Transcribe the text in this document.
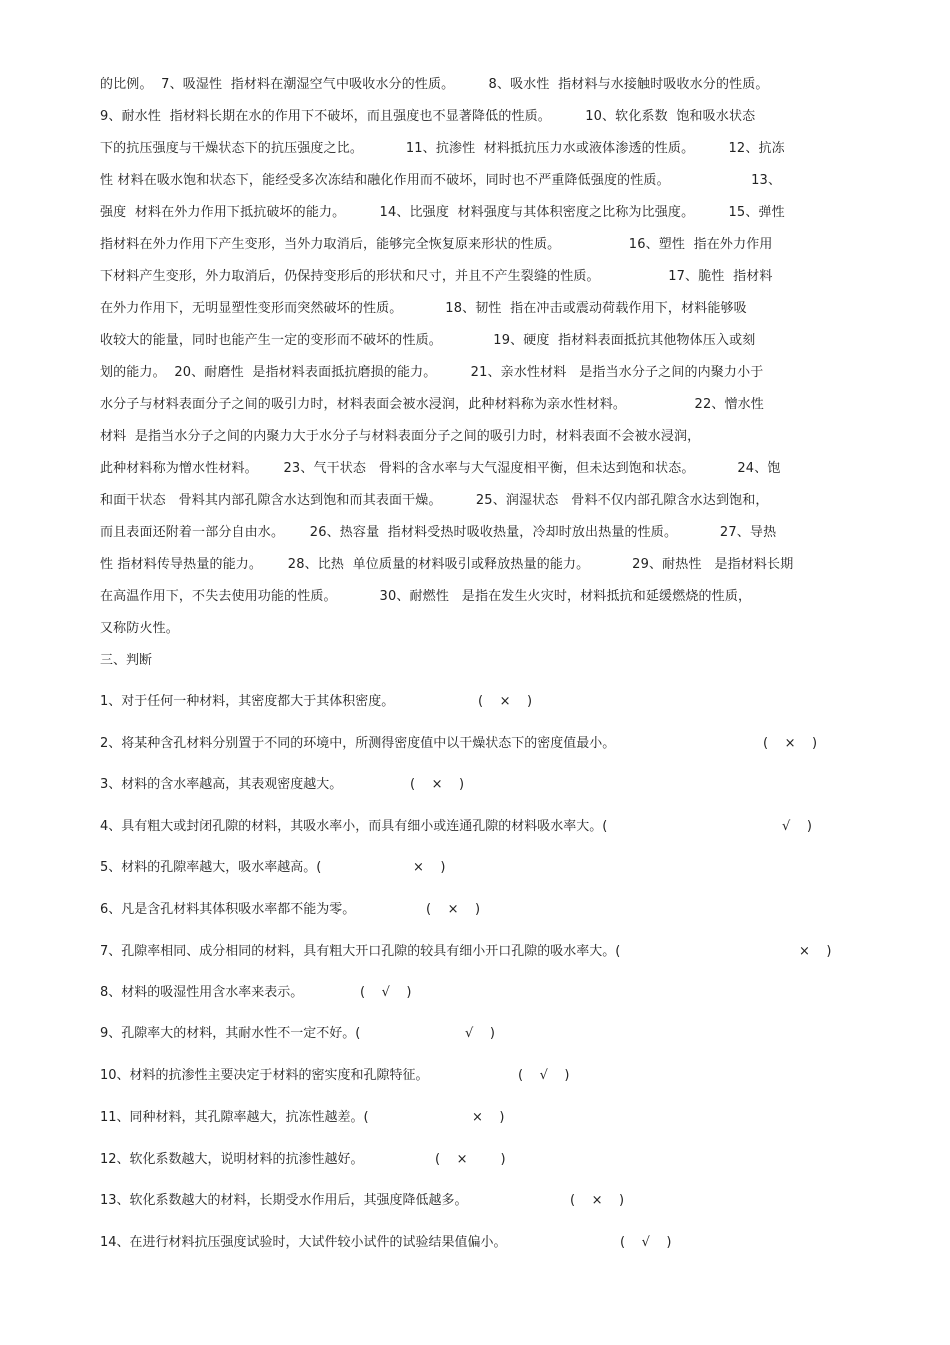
的比例。  7、吸湿性  指材料在潮湿空气中吸收水分的性质。        8、吸水性  指材料与水接触时吸收水分的性质。
9、耐水性  指材料长期在水的作用下不破坏，而且强度也不显著降低的性质。        10、软化系数  饱和吸水状态
下的抗压强度与干燥状态下的抗压强度之比。          11、抗渗性  材料抵抗压力水或液体渗透的性质。        12、抗冻
性 材料在吸水饱和状态下，能经受多次冻结和融化作用而不破坏，同时也不严重降低强度的性质。                   13、
强度  材料在外力作用下抵抗破坏的能力。        14、比强度  材料强度与其体积密度之比称为比强度。        15、弹性
指材料在外力作用下产生变形，当外力取消后，能够完全恢复原来形状的性质。                16、塑性  指在外力作用
下材料产生变形，外力取消后，仍保持变形后的形状和尺寸，并且不产生裂缝的性质。                17、脆性  指材料
在外力作用下，无明显塑性变形而突然破坏的性质。          18、韧性  指在冲击或震动荷载作用下，材料能够吸
收较大的能量，同时也能产生一定的变形而不破坏的性质。            19、硬度  指材料表面抵抗其他物体压入或刻
划的能力。  20、耐磨性  是指材料表面抵抗磨损的能力。        21、亲水性材料   是指当水分子之间的内聚力小于
水分子与材料表面分子之间的吸引力时，材料表面会被水浸润，此种材料称为亲水性材料。                22、憎水性
材料  是指当水分子之间的内聚力大于水分子与材料表面分子之间的吸引力时，材料表面不会被水浸润，
此种材料称为憎水性材料。      23、气干状态   骨料的含水率与大气湿度相平衡，但未达到饱和状态。          24、饱
和面干状态   骨料其内部孔隙含水达到饱和而其表面干燥。        25、润湿状态   骨料不仅内部孔隙含水达到饱和，
而且表面还附着一部分自由水。      26、热容量  指材料受热时吸收热量，冷却时放出热量的性质。          27、导热
性 指材料传导热量的能力。      28、比热  单位质量的材料吸引或释放热量的能力。          29、耐热性   是指材料长期
在高温作用下，不失去使用功能的性质。          30、耐燃性   是指在发生火灾时，材料抵抗和延缓燃烧的性质，
又称防火性。
三、判断
1、对于任何一种材料，其密度都大于其体积密度。	(    ×    )
2、将某种含孔材料分别置于不同的环境中，所测得密度值中以干燥状态下的密度值最小。	(    ×    )
3、材料的含水率越高，其表观密度越大。	(    ×    )
4、具有粗大或封闭孔隙的材料，其吸水率小，而具有细小或连通孔隙的材料吸水率大。(	√    )
5、材料的孔隙率越大，吸水率越高。(	×    )
6、凡是含孔材料其体积吸水率都不能为零。	(    ×    )
7、孔隙率相同、成分相同的材料，具有粗大开口孔隙的较具有细小开口孔隙的吸水率大。(	×    )
8、材料的吸湿性用含水率来表示。	(    √    )
9、孔隙率大的材料，其耐水性不一定不好。(	√    )
10、材料的抗渗性主要决定于材料的密实度和孔隙特征。	(    √    )
11、同种材料，其孔隙率越大，抗冻性越差。(	×    )
12、软化系数越大，说明材料的抗渗性越好。	(    ×        )
13、软化系数越大的材料，长期受水作用后，其强度降低越多。	(    ×    )
14、在进行材料抗压强度试验时，大试件较小试件的试验结果值偏小。	(    √    )
